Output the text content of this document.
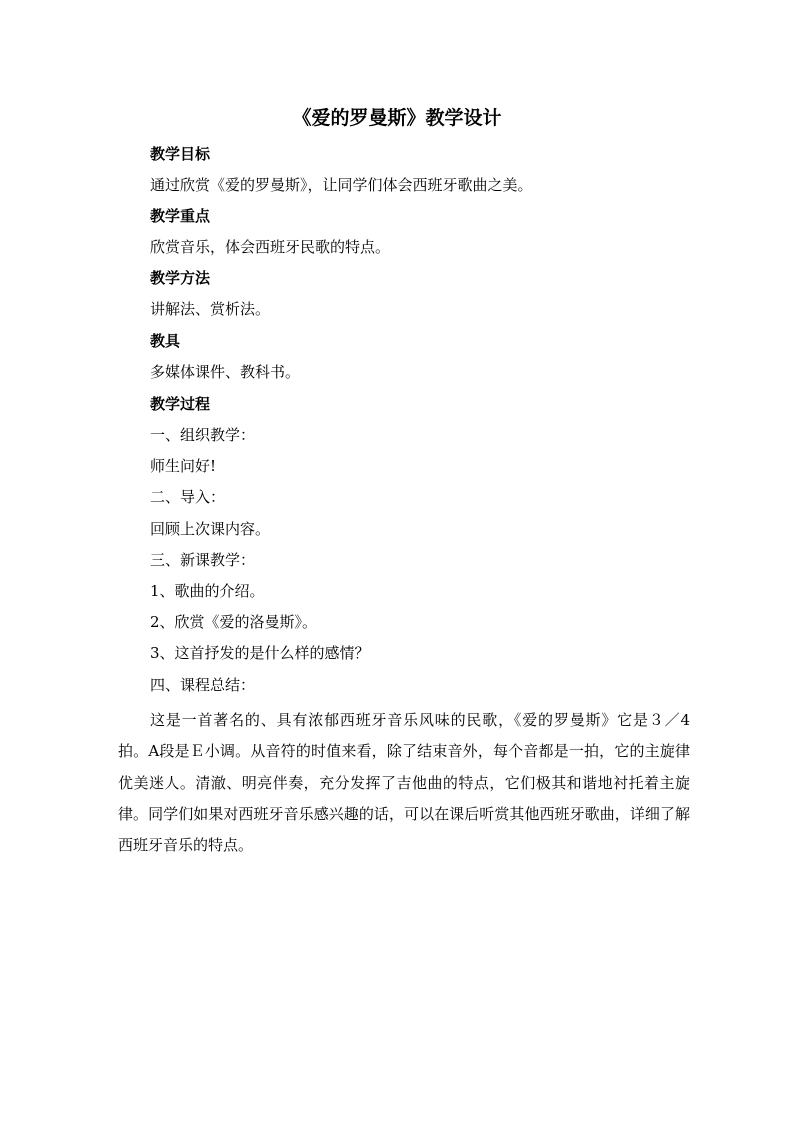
《爱的罗曼斯》教学设计

教学目标

通过欣赏《爱的罗曼斯》，让同学们体会西班牙歌曲之美。

教学重点

欣赏音乐，体会西班牙民歌的特点。

教学方法

讲解法、赏析法。

教具

多媒体课件、教科书。

教学过程

一、组织教学：

师生问好!

二、导入：

回顾上次课内容。

三、新课教学：

1、歌曲的介绍。

2、欣赏《爱的洛曼斯》。

3、这首抒发的是什么样的感情？

四、课程总结：

这是一首著名的、具有浓郁西班牙音乐风味的民歌，《爱的罗曼斯》它是３／4拍。A段是Ｅ小调。从音符的时值来看，除了结束音外，每个音都是一拍，它的主旋律优美迷人。清澈、明亮伴奏，充分发挥了吉他曲的特点，它们极其和谐地衬托着主旋律。同学们如果对西班牙音乐感兴趣的话，可以在课后听赏其他西班牙歌曲，详细了解西班牙音乐的特点。
